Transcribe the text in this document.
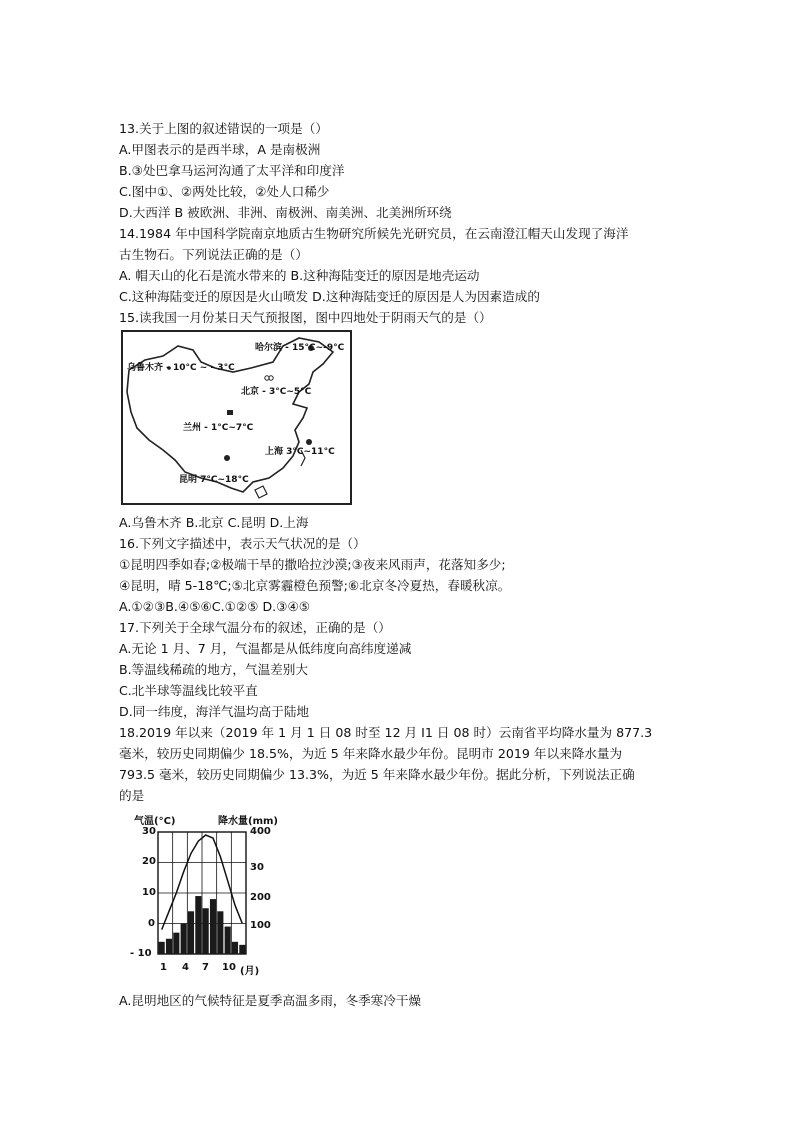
13.关于上图的叙述错误的一项是（）
A.甲图表示的是西半球，A 是南极洲
B.③处巴拿马运河沟通了太平洋和印度洋
C.图中①、②两处比较，②处人口稀少
D.大西洋 B 被欧洲、非洲、南极洲、南美洲、北美洲所环绕
14.1984 年中国科学院南京地质古生物研究所候先光研究员，在云南澄江帽天山发现了海洋
古生物石。下列说法正确的是（）
A. 帽天山的化石是流水带来的 B.这种海陆变迁的原因是地壳运动
C.这种海陆变迁的原因是火山喷发 D.这种海陆变迁的原因是人为因素造成的
15.读我国一月份某日天气预报图，图中四地处于阴雨天气的是（）
哈尔滨 - 15°C~-9°C
乌鲁木齐 - 10°C ~ - 3°C
北京 - 3°C~5°C
兰州 - 1°C~7°C
上海 3°C~11°C
昆明 7°C~18°C
A.乌鲁木齐 B.北京 C.昆明 D.上海
16.下列文字描述中，表示天气状况的是（）
①昆明四季如春;②极端干旱的撒哈拉沙漠;③夜来风雨声，花落知多少;
④昆明，晴 5-18℃;⑤北京雾霾橙色预警;⑥北京冬冷夏热，春暖秋凉。
A.①②③B.④⑤⑥C.①②⑤ D.③④⑤
17.下列关于全球气温分布的叙述，正确的是（）
A.无论 1 月、7 月，气温都是从低纬度向高纬度递减
B.等温线稀疏的地方，气温差别大
C.北半球等温线比较平直
D.同一纬度，海洋气温均高于陆地
18.2019 年以来（2019 年 1 月 1 日 08 时至 12 月 I1 日 08 时）云南省平均降水量为 877.3
毫米，较历史同期偏少 18.5%，为近 5 年来降水最少年份。昆明市 2019 年以来降水量为
793.5 毫米，较历史同期偏少 13.3%，为近 5 年来降水最少年份。据此分析，下列说法正确
的是
气温(°C)	降水量(mm)
30
20
10
0
- 10
400
30
200
100
1 4 7 10 (月)
A.昆明地区的气候特征是夏季高温多雨，冬季寒冷干燥
